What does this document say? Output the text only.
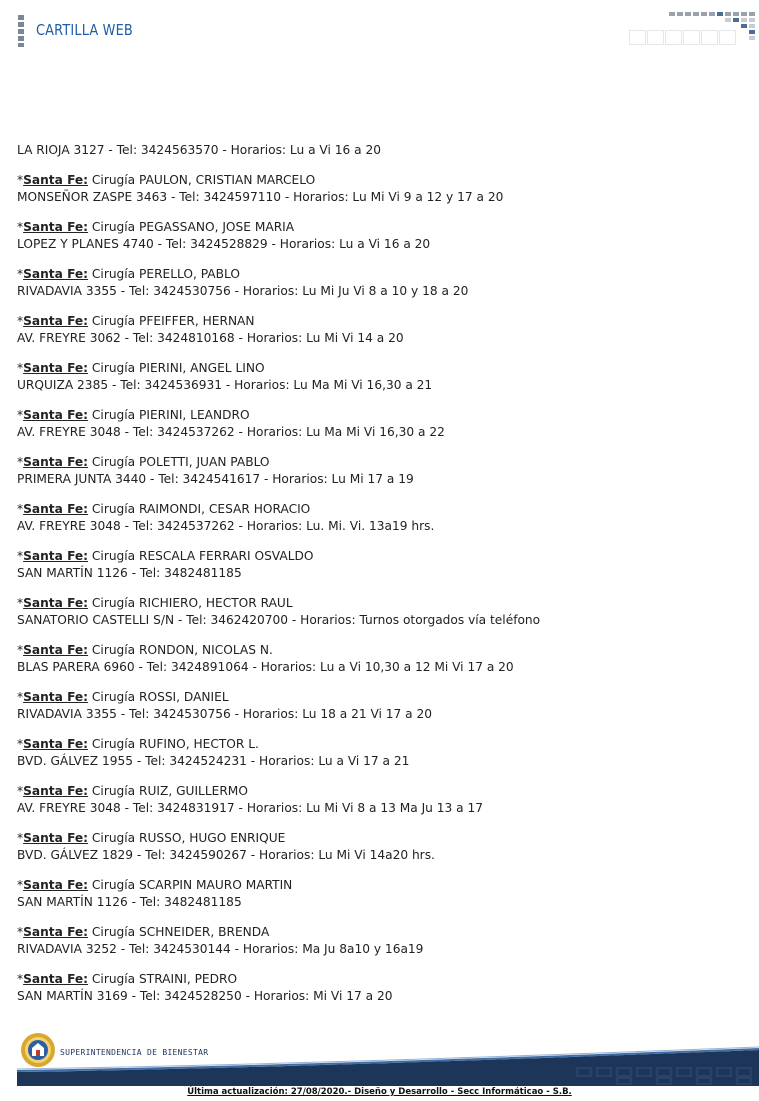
CARTILLA WEB
LA RIOJA 3127 - Tel: 3424563570 - Horarios: Lu a Vi 16 a 20
*Santa Fe: Cirugía PAULON, CRISTIAN MARCELO
MONSEÑOR ZASPE 3463 - Tel: 3424597110 - Horarios: Lu Mi Vi 9 a 12 y 17 a 20
*Santa Fe: Cirugía PEGASSANO, JOSE MARIA
LOPEZ Y PLANES 4740 - Tel: 3424528829 - Horarios: Lu a Vi 16 a 20
*Santa Fe: Cirugía PERELLO, PABLO
RIVADAVIA 3355 - Tel: 3424530756 - Horarios: Lu Mi Ju Vi 8 a 10 y 18 a 20
*Santa Fe: Cirugía PFEIFFER, HERNAN
AV. FREYRE 3062 - Tel: 3424810168 - Horarios: Lu Mi Vi 14 a 20
*Santa Fe: Cirugía PIERINI, ANGEL LINO
URQUIZA 2385 - Tel: 3424536931 - Horarios: Lu Ma Mi Vi 16,30 a 21
*Santa Fe: Cirugía PIERINI, LEANDRO
AV. FREYRE 3048 - Tel: 3424537262 - Horarios: Lu Ma Mi Vi 16,30 a 22
*Santa Fe: Cirugía POLETTI, JUAN PABLO
PRIMERA JUNTA 3440 - Tel: 3424541617 - Horarios: Lu Mi 17 a 19
*Santa Fe: Cirugía RAIMONDI, CESAR HORACIO
AV. FREYRE 3048 - Tel: 3424537262 - Horarios: Lu. Mi. Vi. 13a19 hrs.
*Santa Fe: Cirugía RESCALA FERRARI OSVALDO
SAN MARTÍN 1126 - Tel: 3482481185
*Santa Fe: Cirugía RICHIERO, HECTOR RAUL
SANATORIO CASTELLI S/N - Tel: 3462420700 - Horarios: Turnos otorgados vía teléfono
*Santa Fe: Cirugía RONDON, NICOLAS N.
BLAS PARERA 6960 - Tel: 3424891064 - Horarios: Lu a Vi 10,30 a 12 Mi Vi 17 a 20
*Santa Fe: Cirugía ROSSI, DANIEL
RIVADAVIA 3355 - Tel: 3424530756 - Horarios: Lu 18 a 21 Vi 17 a 20
*Santa Fe: Cirugía RUFINO, HECTOR L.
BVD. GÁLVEZ 1955 - Tel: 3424524231 - Horarios: Lu a Vi 17 a 21
*Santa Fe: Cirugía RUIZ, GUILLERMO
AV. FREYRE 3048 - Tel: 3424831917 - Horarios: Lu Mi Vi 8 a 13 Ma Ju 13 a 17
*Santa Fe: Cirugía RUSSO, HUGO ENRIQUE
BVD. GÁLVEZ 1829 - Tel: 3424590267 - Horarios: Lu Mi Vi 14a20 hrs.
*Santa Fe: Cirugía SCARPIN MAURO MARTIN
SAN MARTÍN 1126 - Tel: 3482481185
*Santa Fe: Cirugía SCHNEIDER, BRENDA
RIVADAVIA 3252 - Tel: 3424530144 - Horarios: Ma Ju 8a10 y 16a19
*Santa Fe: Cirugía STRAINI, PEDRO
SAN MARTÍN 3169 - Tel: 3424528250 - Horarios: Mi Vi 17 a 20
SUPERINTENDENCIA DE BIENESTAR
Última actualización: 27/08/2020.- Diseño y Desarrollo - Secc Informáticao - S.B.
